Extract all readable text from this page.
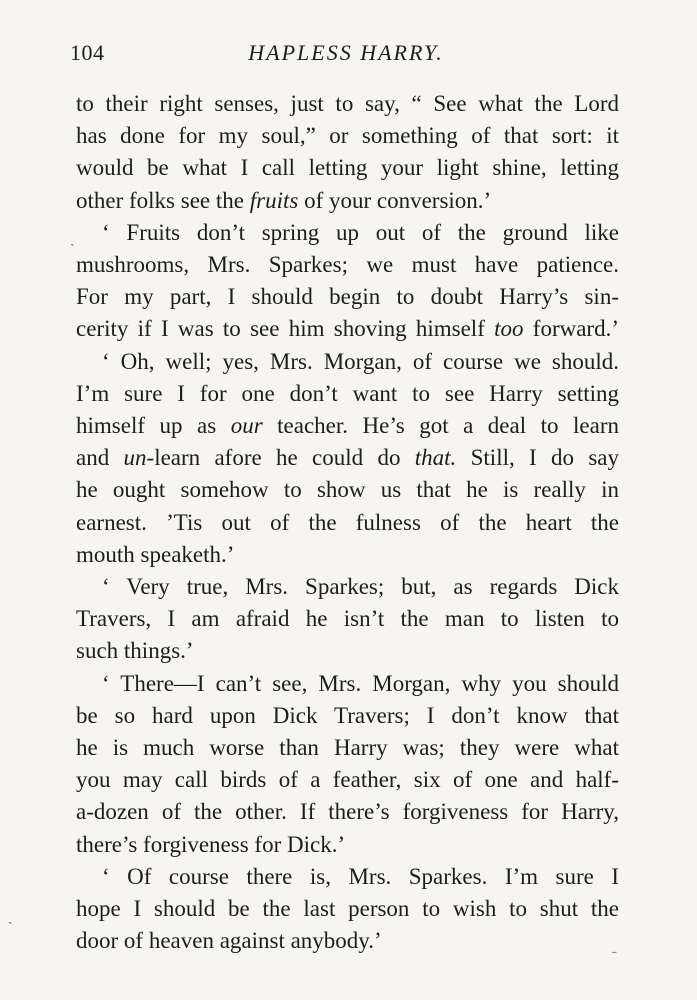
104	HAPLESS HARRY.
to their right senses, just to say, “ See what the Lord
has done for my soul,” or something of that sort: it
would be what I call letting your light shine, letting
other folks see the fruits of your conversion.’
‘ Fruits don’t spring up out of the ground like
mushrooms, Mrs. Sparkes; we must have patience.
For my part, I should begin to doubt Harry’s sin-
cerity if I was to see him shoving himself too forward.’
‘ Oh, well; yes, Mrs. Morgan, of course we should.
I’m sure I for one don’t want to see Harry setting
himself up as our teacher. He’s got a deal to learn
and un-learn afore he could do that. Still, I do say
he ought somehow to show us that he is really in
earnest. ’Tis out of the fulness of the heart the
mouth speaketh.’
‘ Very true, Mrs. Sparkes; but, as regards Dick
Travers, I am afraid he isn’t the man to listen to
such things.’
‘ There—I can’t see, Mrs. Morgan, why you should
be so hard upon Dick Travers; I don’t know that
he is much worse than Harry was; they were what
you may call birds of a feather, six of one and half-
a-dozen of the other. If there’s forgiveness for Harry,
there’s forgiveness for Dick.’
‘ Of course there is, Mrs. Sparkes. I’m sure I
hope I should be the last person to wish to shut the
door of heaven against anybody.’
ˏ
ˎ
ˍ
